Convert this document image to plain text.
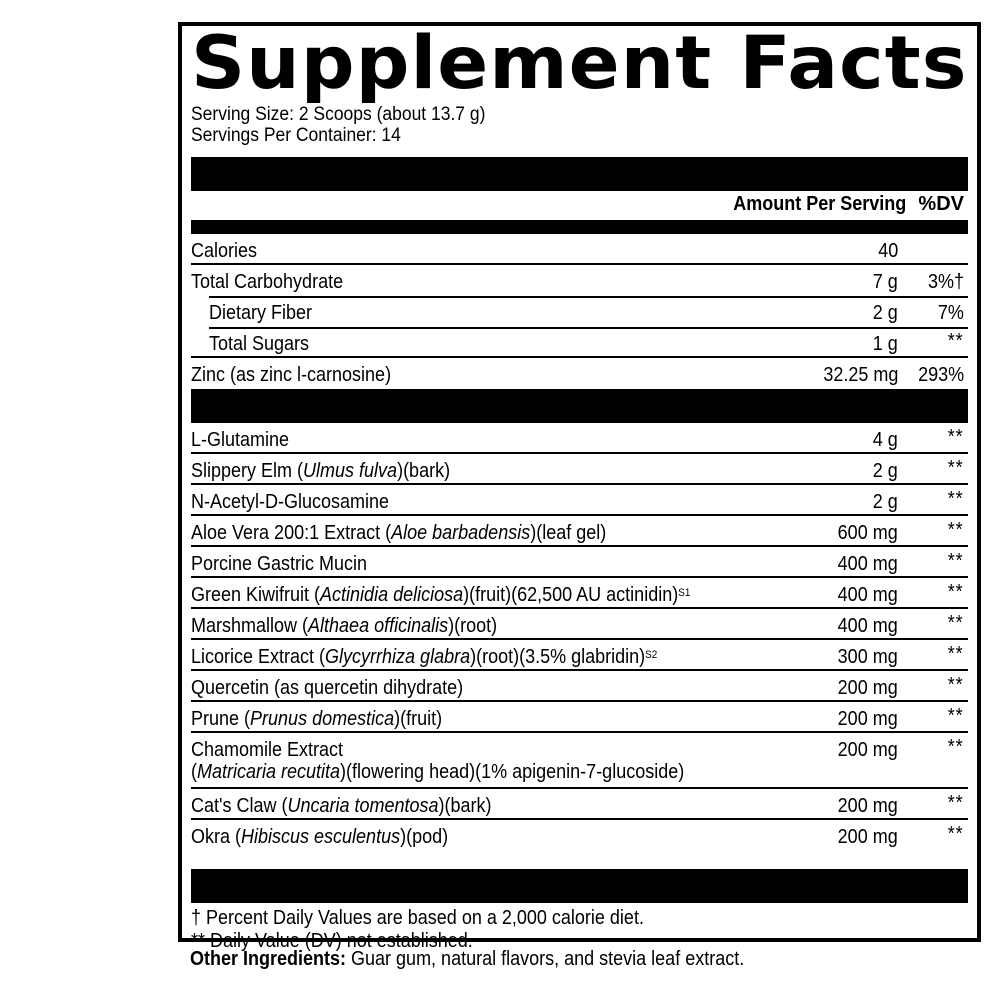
Supplement Facts
Serving Size: 2 Scoops (about 13.7 g)
Servings Per Container: 14
Amount Per Serving %DV
Calories	40
Total Carbohydrate	7 g 3%†
Dietary Fiber	2 g 7%
Total Sugars	1 g	**
Zinc (as zinc l-carnosine)	32.25 mg 293%
L-Glutamine	4 g	**
Slippery Elm (Ulmus fulva)(bark)	2 g	**
N-Acetyl-D-Glucosamine	2 g	**
Aloe Vera 200:1 Extract (Aloe barbadensis)(leaf gel)	600 mg	**
Porcine Gastric Mucin	400 mg	**
Green Kiwifruit (Actinidia deliciosa)(fruit)(62,500 AU actinidin)$^{S1}$	400 mg	**
Marshmallow (Althaea officinalis)(root)	400 mg	**
Licorice Extract (Glycyrrhiza glabra)(root)(3.5% glabridin)$^{S2}$	300 mg	**
Quercetin (as quercetin dihydrate)	200 mg	**
Prune (Prunus domestica)(fruit)	200 mg	**
Chamomile Extract
(Matricaria recutita)(flowering head)(1% apigenin-7-glucoside)
200 mg	**
Cat's Claw (Uncaria tomentosa)(bark)	200 mg	**
Okra (Hibiscus esculentus)(pod)	200 mg	**
† Percent Daily Values are based on a 2,000 calorie diet.
** Daily Value (DV) not established.
Other Ingredients: Guar gum, natural flavors, and stevia leaf extract.
